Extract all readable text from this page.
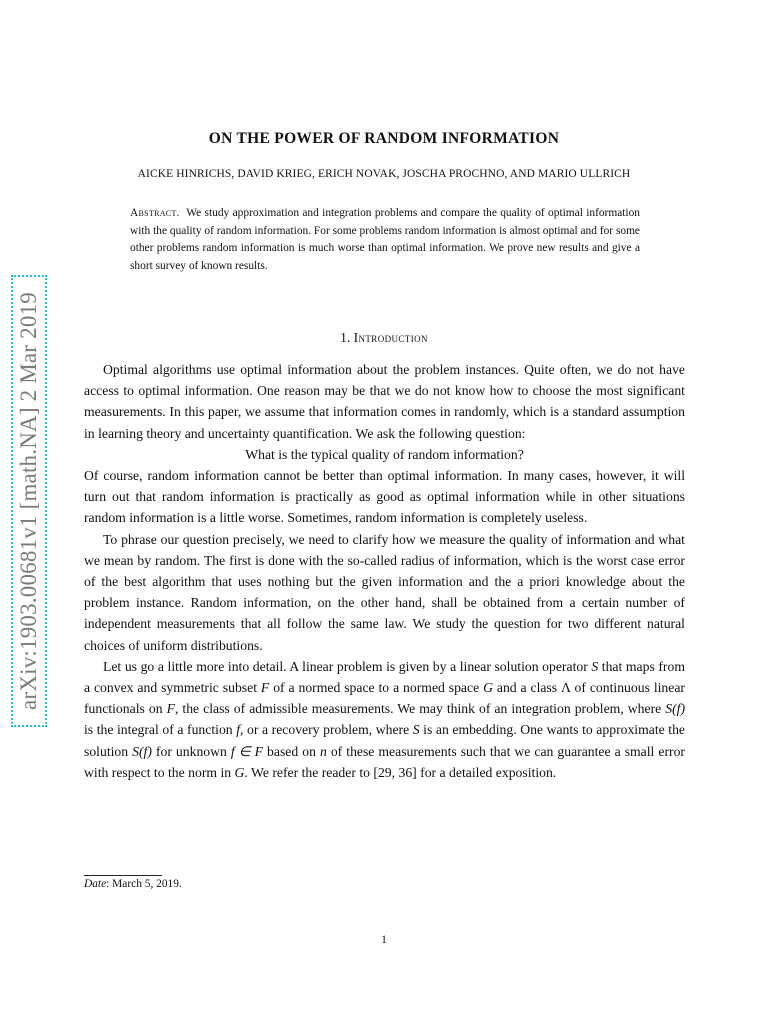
arXiv:1903.00681v1 [math.NA] 2 Mar 2019
ON THE POWER OF RANDOM INFORMATION
AICKE HINRICHS, DAVID KRIEG, ERICH NOVAK, JOSCHA PROCHNO, AND MARIO ULLRICH
Abstract. We study approximation and integration problems and compare the quality of optimal information with the quality of random information. For some problems random information is almost optimal and for some other problems random information is much worse than optimal information. We prove new results and give a short survey of known results.
1. Introduction

Optimal algorithms use optimal information about the problem instances. Quite often, we do not have access to optimal information. One reason may be that we do not know how to choose the most significant measurements. In this paper, we assume that information comes in randomly, which is a standard assumption in learning theory and uncertainty quantification. We ask the following question:

What is the typical quality of random information?

Of course, random information cannot be better than optimal information. In many cases, however, it will turn out that random information is practically as good as optimal information while in other situations random information is a little worse. Sometimes, random information is completely useless.

To phrase our question precisely, we need to clarify how we measure the quality of information and what we mean by random. The first is done with the so-called radius of information, which is the worst case error of the best algorithm that uses nothing but the given information and the a priori knowledge about the problem instance. Random information, on the other hand, shall be obtained from a certain number of independent measurements that all follow the same law. We study the question for two different natural choices of uniform distributions.

Let us go a little more into detail. A linear problem is given by a linear solution operator S that maps from a convex and symmetric subset F of a normed space to a normed space G and a class Λ of continuous linear functionals on F, the class of admissible measurements. We may think of an integration problem, where S(f) is the integral of a function f, or a recovery problem, where S is an embedding. One wants to approximate the solution S(f) for unknown f ∈ F based on n of these measurements such that we can guarantee a small error with respect to the norm in G. We refer the reader to [29, 36] for a detailed exposition.

Date: March 5, 2019.
1
